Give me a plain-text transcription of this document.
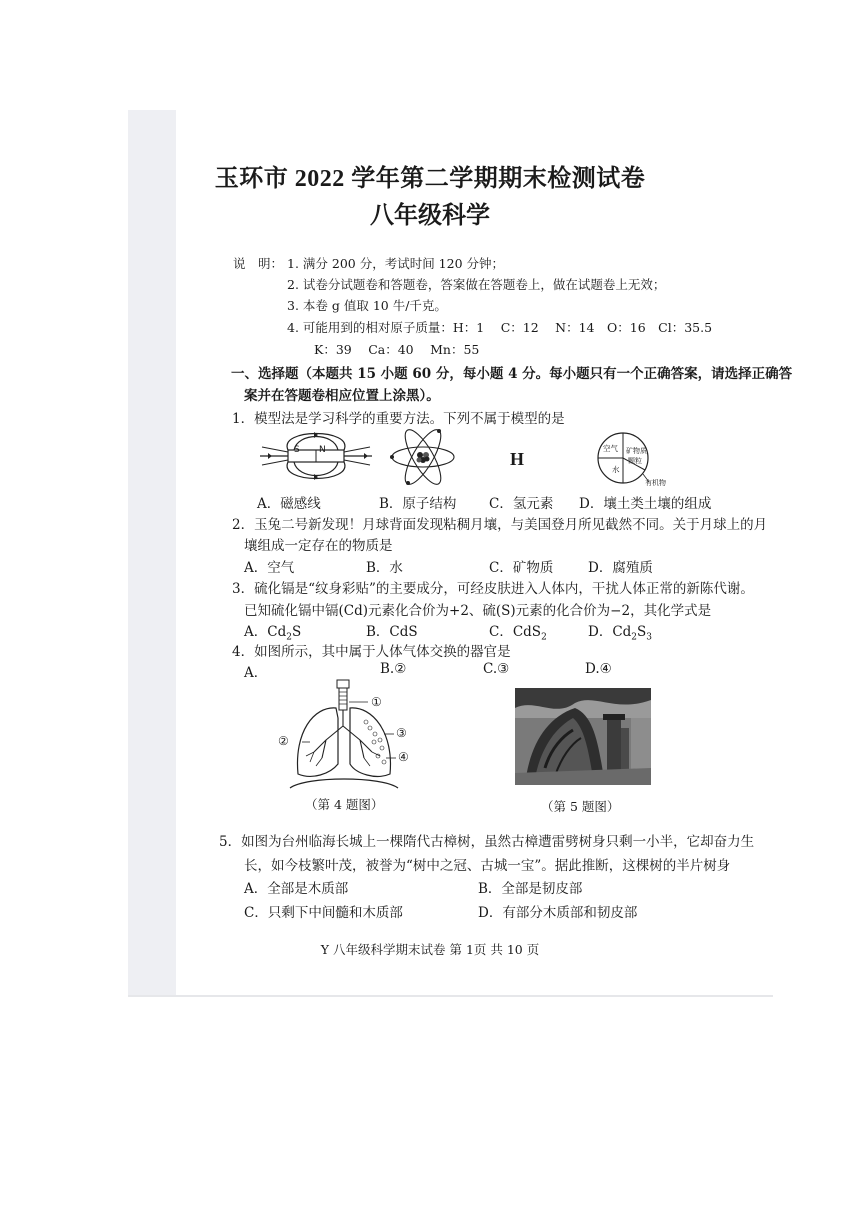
玉环市 2022 学年第二学期期末检测试卷
八年级科学
说　明： 1. 满分 200 分，考试时间 120 分钟；
2. 试卷分试题卷和答题卷，答案做在答题卷上，做在试题卷上无效；
3. 本卷 g 值取 10 牛/千克。
4. 可能用到的相对原子质量：H：1　 C：12　 N：14　O：16　Cl：35.5
K：39　 Ca：40　 Mn：55
一、选择题（本题共 15 小题 60 分，每小题 4 分。每小题只有一个正确答案，请选择正确答
案并在答题卷相应位置上涂黑）。
1．模型法是学习科学的重要方法。下列不属于模型的是
S N	H
空气
水
矿物质
颗粒
有机物
A．磁感线	B．原子结构 C．氢元素 D．壤土类土壤的组成
2．玉兔二号新发现！月球背面发现粘稠月壤，与美国登月所见截然不同。关于月球上的月
壤组成一定存在的物质是
A．空气	B．水	C．矿物质	D．腐殖质
3．硫化镉是“纹身彩贴”的主要成分，可经皮肤进入人体内，干扰人体正常的新陈代谢。
已知硫化镉中镉(Cd)元素化合价为+2、硫(S)元素的化合价为−2，其化学式是
A．$Cd_2S$	B．CdS	C．CdS$_2$	D．$Cd_2S_3$
4．如图所示，其中属于人体气体交换的器官是
A．	B.②	C.③	D.④
①
②
③
④
（第 4 题图）	（第 5 题图）
5．如图为台州临海长城上一棵隋代古樟树，虽然古樟遭雷劈树身只剩一小半，它却奋力生
长，如今枝繁叶茂，被誉为“树中之冠、古城一宝”。据此推断，这棵树的半片树身
A．全部是木质部	B．全部是韧皮部
C．只剩下中间髓和木质部	D．有部分木质部和韧皮部
Y 八年级科学期末试卷 第 1页 共 10 页
